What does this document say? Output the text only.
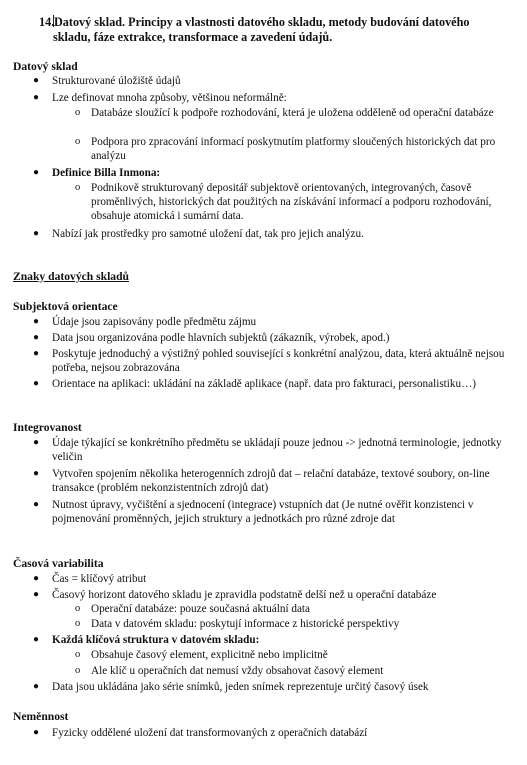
14. Datový sklad. Principy a vlastnosti datového skladu, metody budování datového skladu, fáze extrakce, transformace a zavedení údajů.
Datový sklad
● Strukturované úložiště údajů
● Lze definovat mnoha způsoby, většinou neformálně:
o Databáze sloužící k podpoře rozhodování, která je uložena odděleně od operační databáze
o Podpora pro zpracování informací poskytnutím platformy sloučených historických dat pro analýzu
● Definice Billa Inmona:
o Podnikově strukturovaný depositář subjektově orientovaných, integrovaných, časově proměnlivých, historických dat použitých na získávání informací a podporu rozhodování, obsahuje atomická i sumární data.
● Nabízí jak prostředky pro samotné uložení dat, tak pro jejich analýzu.
Znaky datových skladů
Subjektová orientace
● Údaje jsou zapisovány podle předmětu zájmu
● Data jsou organizována podle hlavních subjektů (zákazník, výrobek, apod.)
● Poskytuje jednoduchý a výstižný pohled související s konkrétní analýzou, data, která aktuálně nejsou potřeba, nejsou zobrazována
● Orientace na aplikaci: ukládání na základě aplikace (např. data pro fakturaci, personalistiku…)
Integrovanost
● Údaje týkající se konkrétního předmětu se ukládají pouze jednou -> jednotná terminologie, jednotky veličin
● Vytvořen spojením několika heterogenních zdrojů dat – relační databáze, textové soubory, on-line transakce (problém nekonzistentních zdrojů dat)
● Nutnost úpravy, vyčištění a sjednocení (integrace) vstupních dat (Je nutné ověřit konzistenci v pojmenování proměnných, jejich struktury a jednotkách pro různé zdroje dat
Časová variabilita
● Čas = klíčový atribut
● Časový horizont datového skladu je zpravidla podstatně delší než u operační databáze
o Operační databáze: pouze současná aktuální data
o Data v datovém skladu: poskytují informace z historické perspektivy
● Každá klíčová struktura v datovém skladu:
o Obsahuje časový element, explicitně nebo implicitně
o Ale klíč u operačních dat nemusí vždy obsahovat časový element
● Data jsou ukládána jako série snímků, jeden snímek reprezentuje určitý časový úsek
Neměnnost
● Fyzicky oddělené uložení dat transformovaných z operačních databází
